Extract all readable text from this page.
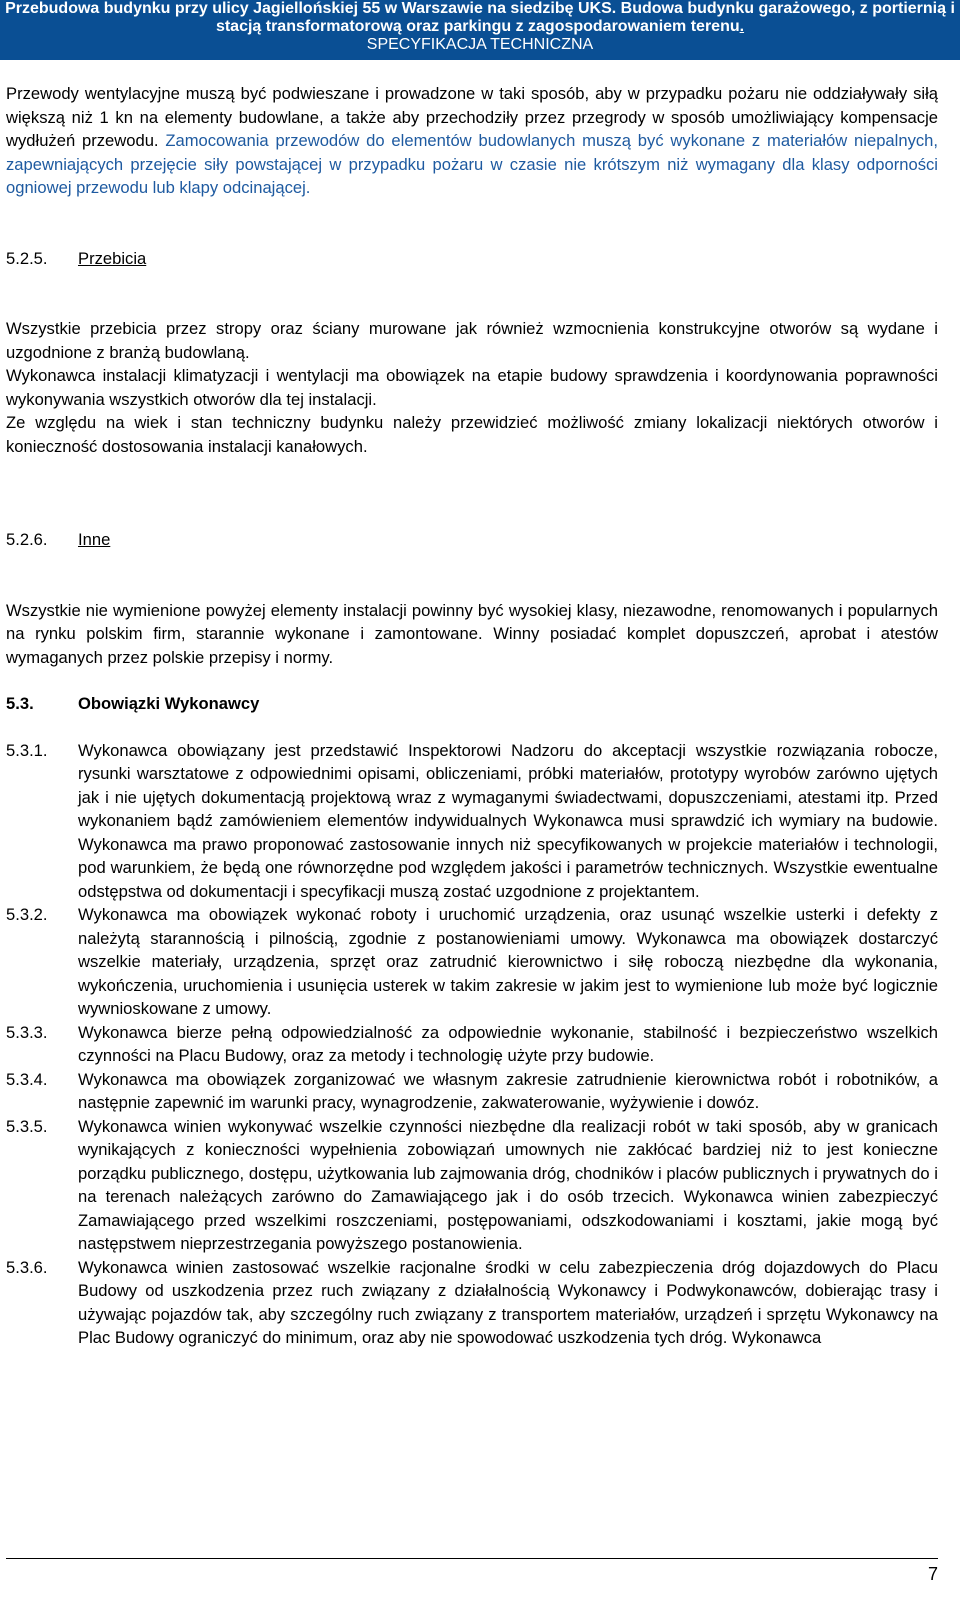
Przebudowa budynku przy ulicy Jagiellońskiej 55 w Warszawie na siedzibę UKS. Budowa budynku garażowego, z portiernią i
stacją transformatorową oraz parkingu z zagospodarowaniem terenu.
SPECYFIKACJA TECHNICZNA

Przewody wentylacyjne muszą być podwieszane i prowadzone w taki sposób, aby w przypadku pożaru nie oddziaływały siłą większą niż 1 kn na elementy budowlane, a także aby przechodziły przez przegrody w sposób umożliwiający kompensacje wydłużeń przewodu. Zamocowania przewodów do elementów budowlanych muszą być wykonane z materiałów niepalnych, zapewniających przejęcie siły powstającej w przypadku pożaru w czasie nie krótszym niż wymagany dla klasy odporności ogniowej przewodu lub klapy odcinającej.

5.2.5.	Przebicia

Wszystkie przebicia przez stropy oraz ściany murowane jak również wzmocnienia konstrukcyjne otworów są wydane i uzgodnione z branżą budowlaną.

Wykonawca instalacji klimatyzacji i wentylacji ma obowiązek na etapie budowy sprawdzenia i koordynowania poprawności wykonywania wszystkich otworów dla tej instalacji.

Ze względu na wiek i stan techniczny budynku należy przewidzieć możliwość zmiany lokalizacji niektórych otworów i konieczność dostosowania instalacji kanałowych.

5.2.6.	Inne

Wszystkie nie wymienione powyżej elementy instalacji powinny być wysokiej klasy, niezawodne, renomowanych i popularnych na rynku polskim firm, starannie wykonane i zamontowane. Winny posiadać komplet dopuszczeń, aprobat i atestów wymaganych przez polskie przepisy i normy.

5.3.	Obowiązki Wykonawcy
5.3.1.	Wykonawca obowiązany jest przedstawić Inspektorowi Nadzoru do akceptacji wszystkie rozwiązania robocze, rysunki warsztatowe z odpowiednimi opisami, obliczeniami, próbki materiałów, prototypy wyrobów zarówno ujętych jak i nie ujętych dokumentacją projektową wraz z wymaganymi świadectwami, dopuszczeniami, atestami itp. Przed wykonaniem bądź zamówieniem elementów indywidualnych Wykonawca musi sprawdzić ich wymiary na budowie. Wykonawca ma prawo proponować zastosowanie innych niż specyfikowanych w projekcie materiałów i technologii, pod warunkiem, że będą one równorzędne pod względem jakości i parametrów technicznych. Wszystkie ewentualne odstępstwa od dokumentacji i specyfikacji muszą zostać uzgodnione z projektantem.
5.3.2.	Wykonawca ma obowiązek wykonać roboty i uruchomić urządzenia, oraz usunąć wszelkie usterki i defekty z należytą starannością i pilnością, zgodnie z postanowieniami umowy. Wykonawca ma obowiązek dostarczyć wszelkie materiały, urządzenia, sprzęt oraz zatrudnić kierownictwo i siłę roboczą niezbędne dla wykonania, wykończenia, uruchomienia i usunięcia usterek w takim zakresie w jakim jest to wymienione lub może być logicznie wywnioskowane z umowy.
5.3.3.	Wykonawca bierze pełną odpowiedzialność za odpowiednie wykonanie, stabilność i bezpieczeństwo wszelkich czynności na Placu Budowy, oraz za metody i technologię użyte przy budowie.
5.3.4.	Wykonawca ma obowiązek zorganizować we własnym zakresie zatrudnienie kierownictwa robót i robotników, a następnie zapewnić im warunki pracy, wynagrodzenie, zakwaterowanie, wyżywienie i dowóz.
5.3.5.	Wykonawca winien wykonywać wszelkie czynności niezbędne dla realizacji robót w taki sposób, aby w granicach wynikających z konieczności wypełnienia zobowiązań umownych nie zakłócać bardziej niż to jest konieczne porządku publicznego, dostępu, użytkowania lub zajmowania dróg, chodników i placów publicznych i prywatnych do i na terenach należących zarówno do Zamawiającego jak i do osób trzecich. Wykonawca winien zabezpieczyć Zamawiającego przed wszelkimi roszczeniami, postępowaniami, odszkodowaniami i kosztami, jakie mogą być następstwem nieprzestrzegania powyższego postanowienia.
5.3.6.	Wykonawca winien zastosować wszelkie racjonalne środki w celu zabezpieczenia dróg dojazdowych do Placu Budowy od uszkodzenia przez ruch związany z działalnością Wykonawcy i Podwykonawców, dobierając trasy i używając pojazdów tak, aby szczególny ruch związany z transportem materiałów, urządzeń i sprzętu Wykonawcy na Plac Budowy ograniczyć do minimum, oraz aby nie spowodować uszkodzenia tych dróg. Wykonawca
7
